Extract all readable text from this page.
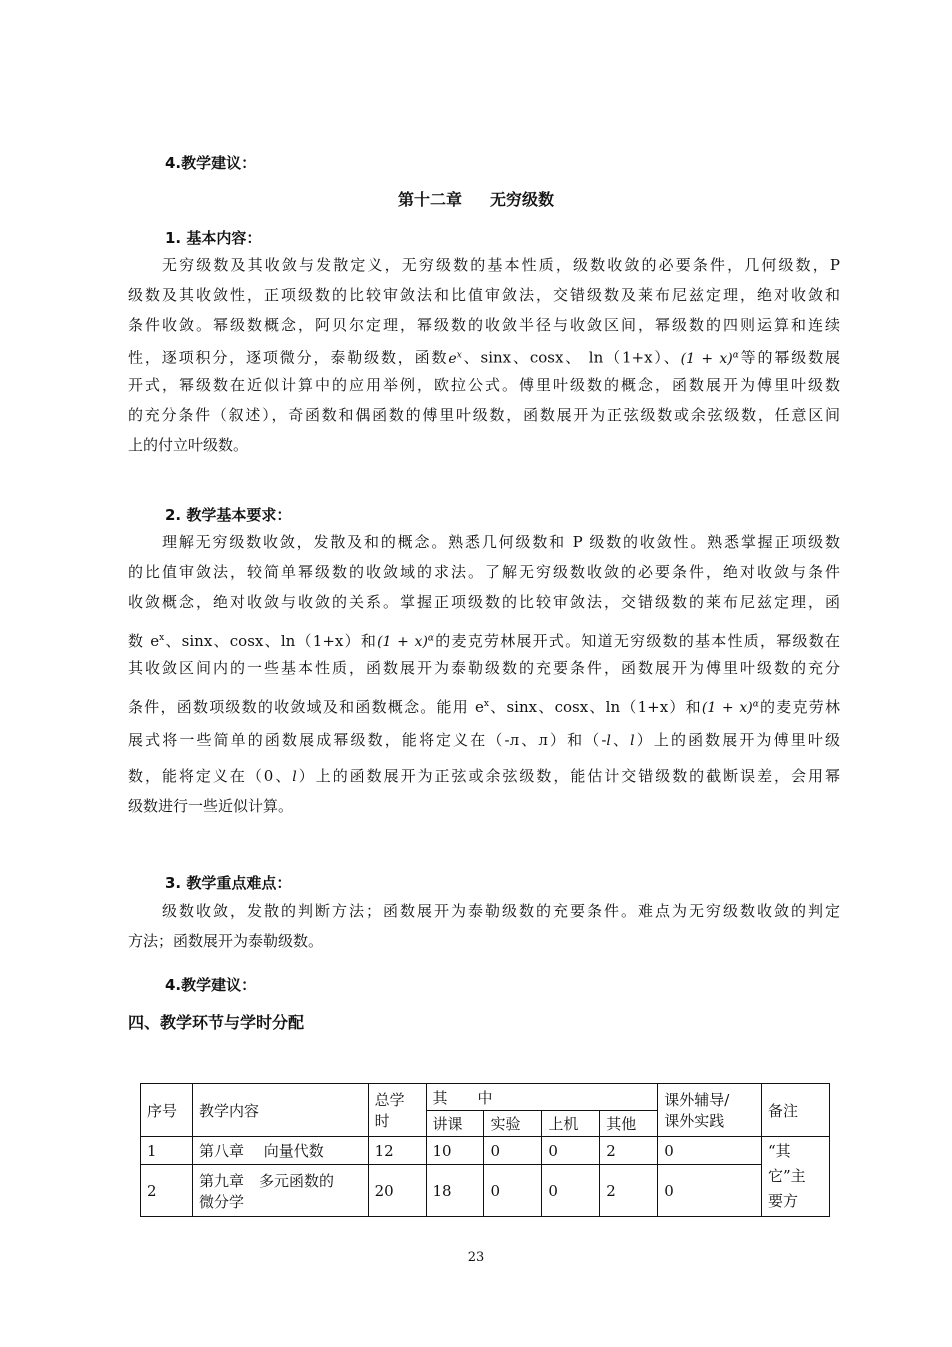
4.教学建议：
第十二章 无穷级数
1. 基本内容：
无穷级数及其收敛与发散定义，无穷级数的基本性质，级数收敛的必要条件，几何级数，P
级数及其收敛性，正项级数的比较审敛法和比值审敛法，交错级数及莱布尼兹定理，绝对收敛和
条件收敛。幂级数概念，阿贝尔定理，幂级数的收敛半径与收敛区间，幂级数的四则运算和连续
性，逐项积分，逐项微分，泰勒级数，函数$e^x$、sinx、cosx、 ln（1+x）、$(1 + x)^\alpha$等的幂级数展
开式，幂级数在近似计算中的应用举例，欧拉公式。傅里叶级数的概念，函数展开为傅里叶级数
的充分条件（叙述），奇函数和偶函数的傅里叶级数，函数展开为正弦级数或余弦级数，任意区间
上的付立叶级数。
2. 教学基本要求：
理解无穷级数收敛，发散及和的概念。熟悉几何级数和 P 级数的收敛性。熟悉掌握正项级数
的比值审敛法，较简单幂级数的收敛域的求法。了解无穷级数收敛的必要条件，绝对收敛与条件
收敛概念，绝对收敛与收敛的关系。掌握正项级数的比较审敛法，交错级数的莱布尼兹定理，函
数 $e^x$、sinx、cosx、ln（1+x）和$(1 + x)^\alpha$的麦克劳林展开式。知道无穷级数的基本性质，幂级数在
其收敛区间内的一些基本性质，函数展开为泰勒级数的充要条件，函数展开为傅里叶级数的充分
条件，函数项级数的收敛域及和函数概念。能用 $e^x$、sinx、cosx、ln（1+x）和$(1 + x)^\alpha$的麦克劳林
展式将一些简单的函数展成幂级数，能将定义在（-л、л）和（-l、l）上的函数展开为傅里叶级
数，能将定义在（0、l）上的函数展开为正弦或余弦级数，能估计交错级数的截断误差，会用幂
级数进行一些近似计算。
3. 教学重点难点：
级数收敛，发散的判断方法；函数展开为泰勒级数的充要条件。难点为无穷级数收敛的判定
方法；函数展开为泰勒级数。
4.教学建议：
四、教学环节与学时分配
序号	教学内容	总学
时	其　　中				课外辅导/
课外实践	备注
			讲课	实验	上机	其他		
1	第八章　 向量代数	12	10	0	0	2	0	“其
它”主
要方
2	第九章　多元函数的
微分学	20	18	0	0	2	0	
23
